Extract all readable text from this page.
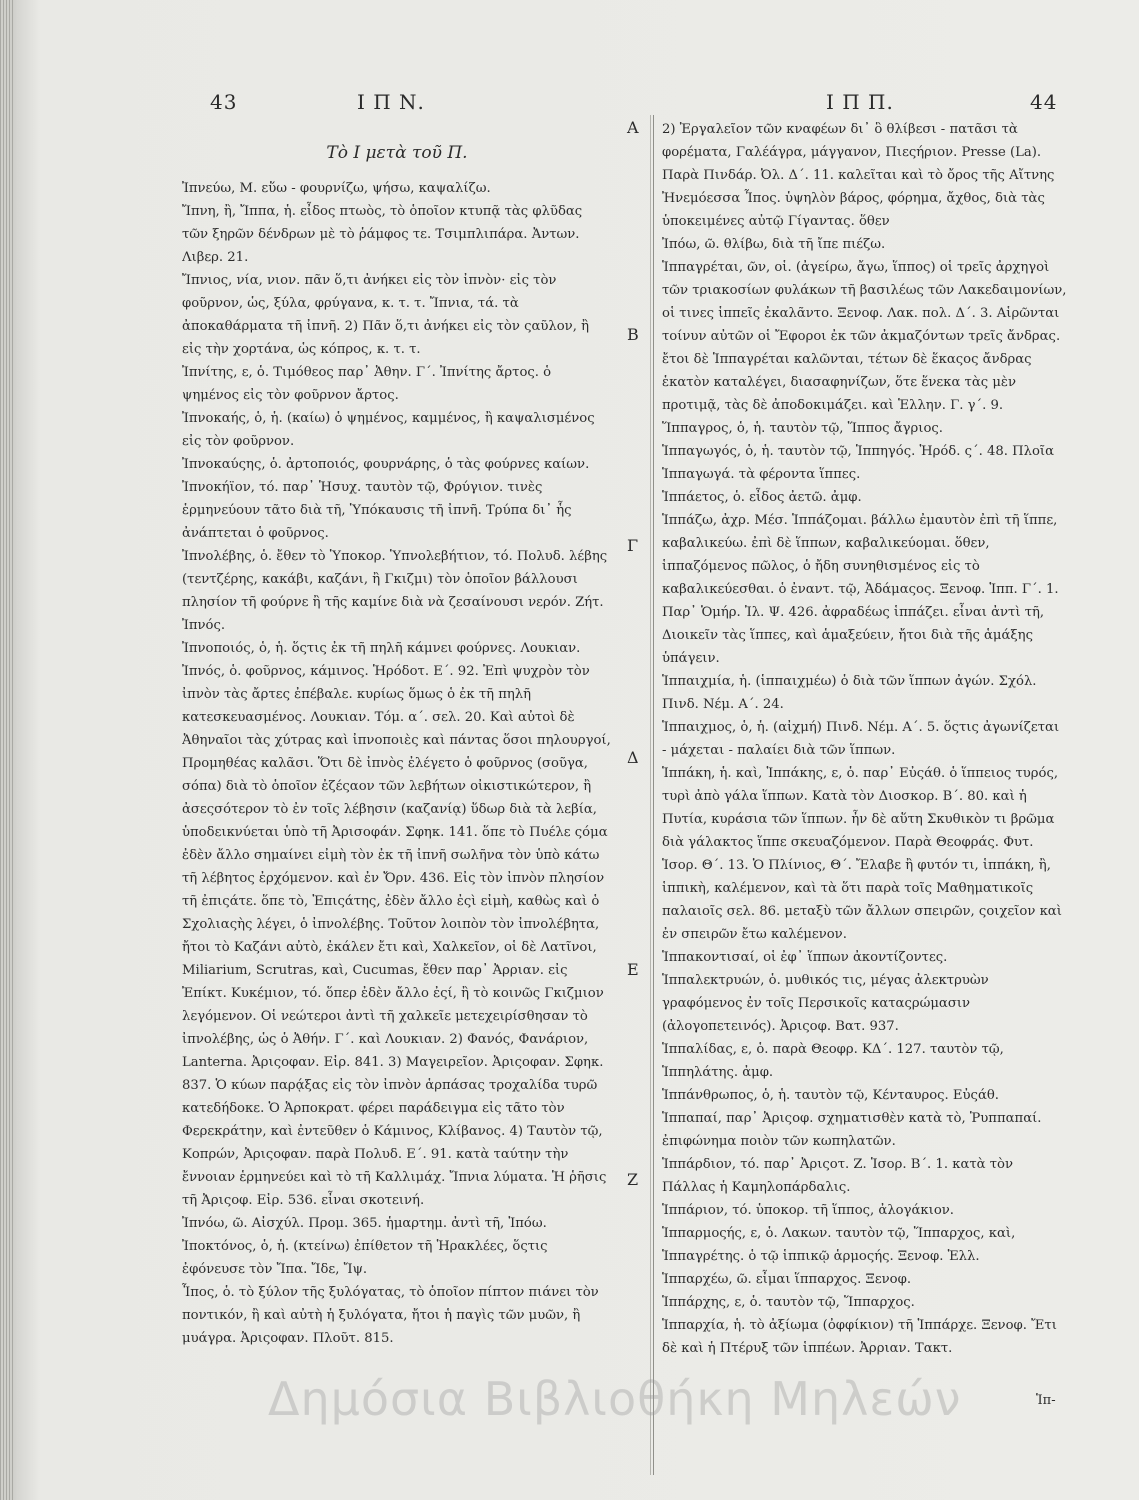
43	Ι Π Ν.	Ι Π Π.	44
Τὸ Ι μετὰ τοῦ Π.

Ἰπνεύω, Μ. εὕω - φουρνίζω, ψήσω, καψαλίζω.

Ἴπνη, ἢ, Ἴππα, ἡ. εἶδος πτωὸς, τὸ ὁποῖον κτυπᾷ τὰς φλῦδας τῶν ξηρῶν δένδρων μὲ τὸ ῥάμφος τε. Τσιμπλιπάρα. Ἀντων. Λιβερ. 21.

Ἴπνιος, νία, νιον. πᾶν ὅ,τι ἀνήκει εἰς τὸν ἰπνὸν· εἰς τὸν φοῦρνον, ὡς, ξύλα, φρύγανα, κ. τ. τ. Ἴπνια, τά. τὰ ἀποκαθάρματα τῆ ἰπνῆ. 2) Πᾶν ὅ,τι ἀνήκει εἰς τὸν ςαῦλον, ἢ εἰς τὴν χορτάνα, ὡς κόπρος, κ. τ. τ.

Ἰπνίτης, ε, ὁ. Τιμόθεος παρ᾽ Ἀθην. Γ΄. Ἰπνίτης ἄρτος. ὁ ψημένος εἰς τὸν φοῦρνον ἄρτος.

Ἰπνοκαής, ὁ, ἡ. (καίω) ὁ ψημένος, καμμένος, ἢ καψαλισμένος εἰς τὸν φοῦρνον.

Ἰπνοκαύςης, ὁ. ἀρτοποιός, φουρνάρης, ὁ τὰς φούρνες καίων.

Ἰπνοκήϊον, τό. παρ᾽ Ἡσυχ. ταυτὸν τῷ, Φρύγιον. τινὲς ἑρμηνεύουν τᾶτο διὰ τῆ, Ὑπόκαυσις τῆ ἰπνῆ. Τρύπα δι᾽ ἧς ἀνάπτεται ὁ φοῦρνος.

Ἰπνολέβης, ὁ. ἔθεν τὸ Ὑποκορ. Ὑπνολεβήτιον, τό. Πολυδ. λέβης (τεντζέρης, κακάβι, καζάνι, ἢ Γκιζμι) τὸν ὁποῖον βάλλουσι πλησίον τῆ φούρνε ἢ τῆς καμίνε διὰ νὰ ζεσαίνουσι νερόν. Ζήτ. Ἰπνός.

Ἰπνοποιός, ὁ, ἡ. ὅςτις ἐκ τῆ πηλῆ κάμνει φούρνες. Λουκιαν.

Ἰπνός, ὁ. φοῦρνος, κάμινος. Ἡρόδοτ. Ε΄. 92. Ἐπὶ ψυχρὸν τὸν ἰπνὸν τὰς ἄρτες ἐπέβαλε. κυρίως ὅμως ὁ ἐκ τῆ πηλῆ κατεσκευασμένος. Λουκιαν. Τόμ. α΄. σελ. 20. Καὶ αὐτοὶ δὲ Ἀθηναῖοι τὰς χύτρας καὶ ἰπνοποιὲς καὶ πάντας ὅσοι πηλουργοί, Προμηθέας καλᾶσι. Ὅτι δὲ ἰπνὸς ἐλέγετο ὁ φοῦρνος (σοῦγα, σόπα) διὰ τὸ ὁποῖον ἐζέςαον τῶν λεβήτων οἰκιστικώτερον, ἢ ἀσεςσότερον τὸ ἐν τοῖς λέβησιν (καζανίᾳ) ὕδωρ διὰ τὰ λεβία, ὑποδεικνύεται ὑπὸ τῆ Ἀρισοφάν. Σφηκ. 141. ὅπε τὸ Πυέλε ςόμα ἐδὲν ἄλλο σημαίνει εἰμὴ τὸν ἐκ τῆ ἰπνῆ σωλῆνα τὸν ὑπὸ κάτω τῆ λέβητος ἐρχόμενον. καὶ ἐν Ὄρν. 436. Εἰς τὸν ἰπνὸν πλησίον τῆ ἐπιςάτε. ὅπε τὸ, Ἐπιςάτης, ἐδὲν ἄλλο ἐςὶ εἰμὴ, καθὼς καὶ ὁ Σχολιαςὴς λέγει, ὁ ἰπνολέβης. Τοῦτον λοιπὸν τὸν ἰπνολέβητα, ἤτοι τὸ Καζάνι αὐτὸ, ἐκάλεν ἔτι καὶ, Χαλκεῖον, οἱ δὲ Λατῖνοι, Miliarium, Scrutras, καὶ, Cucumas, ἔθεν παρ᾽ Ἀρριαν. εἰς Ἐπίκτ. Κυκέμιον, τό. ὅπερ ἐδὲν ἄλλο ἐςί, ἢ τὸ κοινῶς Γκιζμιον λεγόμενον. Οἱ νεώτεροι ἀντὶ τῆ χαλκεῖε μετεχειρίσθησαν τὸ ἰπνολέβης, ὡς ὁ Ἀθήν. Γ΄. καὶ Λουκιαν. 2) Φανός, Φανάριον, Lanterna. Ἀριςοφαν. Εἰρ. 841. 3) Μαγειρεῖον. Ἀριςοφαν. Σφηκ. 837. Ὁ κύων παρᾴξας εἰς τὸν ἰπνὸν ἁρπάσας τροχαλίδα τυρῶ κατεδήδοκε. Ὁ Ἀρποκρατ. φέρει παράδειγμα εἰς τᾶτο τὸν Φερεκράτην, καὶ ἐντεῦθεν ὁ Κάμινος, Κλίβανος. 4) Ταυτὸν τῷ, Κοπρών, Ἀριςοφαν. παρὰ Πολυδ. Ε΄. 91. κατὰ ταύτην τὴν ἔννοιαν ἑρμηνεύει καὶ τὸ τῆ Καλλιμάχ. Ἴπνια λύματα. Ἡ ῥῆσις τῆ Ἀριςοφ. Εἰρ. 536. εἶναι σκοτεινή.

Ἰπνόω, ῶ. Αἰσχύλ. Προμ. 365. ἡμαρτημ. ἀντὶ τῆ, Ἰπόω.

Ἰποκτόνος, ὁ, ἡ. (κτείνω) ἐπίθετον τῆ Ἡρακλέες, ὅςτις ἐφόνευσε τὸν Ἴπα. Ἴδε, Ἴψ.

Ἶπος, ὁ. τὸ ξύλον τῆς ξυλόγατας, τὸ ὁποῖον πίπτον πιάνει τὸν ποντικόν, ἢ καὶ αὐτὴ ἡ ξυλόγατα, ἤτοι ἡ παγὶς τῶν μυῶν, ἢ μυάγρα. Ἀριςοφαν. Πλοῦτ. 815.

Α
Β
Γ
Δ
Ε
Ζ

2) Ἐργαλεῖον τῶν κναφέων δι᾽ ὃ θλίβεσι - πατᾶσι τὰ φορέματα, Γαλέάγρα, μάγγανον, Πιεςήριον. Presse (La). Παρὰ Πινδάρ. Ὀλ. Δ΄. 11. καλεῖται καὶ τὸ ὄρος τῆς Αἴτνης Ἠνεμόεσσα Ἶπος. ὑψηλὸν βάρος, φόρημα, ἄχθος, διὰ τὰς ὑποκειμένες αὐτῷ Γίγαντας. ὅθεν

Ἰπόω, ῶ. θλίβω, διὰ τῆ ἴπε πιέζω.

Ἱππαγρέται, ῶν, οἱ. (ἀγείρω, ἄγω, ἵππος) οἱ τρεῖς ἀρχηγοὶ τῶν τριακοσίων φυλάκων τῆ βασιλέως τῶν Λακεδαιμονίων, οἱ τινες ἱππεῖς ἐκαλᾶντο. Ξενοφ. Λακ. πολ. Δ΄. 3. Αἱρῶνται τοίνυν αὐτῶν οἱ Ἔφοροι ἐκ τῶν ἀκμαζόντων τρεῖς ἄνδρας. ἔτοι δὲ Ἱππαγρέται καλῶνται, τέτων δὲ ἕκαςος ἄνδρας ἑκατὸν καταλέγει, διασαφηνίζων, ὅτε ἕνεκα τὰς μὲν προτιμᾷ, τὰς δὲ ἀποδοκιμάζει. καὶ Ἑλλην. Γ. γ΄. 9.

Ἵππαγρος, ὁ, ἡ. ταυτὸν τῷ, Ἵππος ἄγριος.

Ἱππαγωγός, ὁ, ἡ. ταυτὸν τῷ, Ἱππηγός. Ἡρόδ. ς΄. 48. Πλοῖα Ἱππαγωγά. τὰ φέροντα ἵππες.

Ἱππάετος, ὁ. εἶδος ἀετῶ. ἀμφ.

Ἱππάζω, ἀχρ. Μέσ. Ἱππάζομαι. βάλλω ἐμαυτὸν ἐπὶ τῆ ἵππε, καβαλικεύω. ἐπὶ δὲ ἵππων, καβαλικεύομαι. ὅθεν, ἱππαζόμενος πῶλος, ὁ ἤδη συνηθισμένος εἰς τὸ καβαλικεύεσθαι. ὁ ἐναντ. τῷ, Ἀδάμαςος. Ξενοφ. Ἱππ. Γ΄. 1. Παρ᾽ Ὁμήρ. Ἰλ. Ψ. 426. ἀφραδέως ἱππάζει. εἶναι ἀντὶ τῆ, Διοικεῖν τὰς ἵππες, καὶ ἁμαξεύειν, ἤτοι διὰ τῆς ἁμάξης ὑπάγειν.

Ἱππαιχμία, ἡ. (ἱππαιχμέω) ὁ διὰ τῶν ἵππων ἀγών. Σχόλ. Πινδ. Νέμ. Α΄. 24.

Ἱππαιχμος, ὁ, ἡ. (αἰχμή) Πινδ. Νέμ. Α΄. 5. ὅςτις ἀγωνίζεται - μάχεται - παλαίει διὰ τῶν ἵππων.

Ἱππάκη, ἡ. καὶ, Ἱππάκης, ε, ὁ. παρ᾽ Εὐςάθ. ὁ ἵππειος τυρός, τυρὶ ἀπὸ γάλα ἵππων. Κατὰ τὸν Διοσκορ. Β΄. 80. καὶ ἡ Πυτία, κυράσια τῶν ἵππων. ἦν δὲ αὕτη Σκυθικὸν τι βρῶμα διὰ γάλακτος ἵππε σκευαζόμενον. Παρὰ Θεοφράς. Φυτ. Ἱσορ. Θ΄. 13. Ὁ Πλίνιος, Θ΄. Ἔλαβε ἢ φυτόν τι, ἱππάκη, ἢ, ἱππικὴ, καλέμενον, καὶ τὰ ὅτι παρὰ τοῖς Μαθηματικοῖς παλαιοῖς σελ. 86. μεταξὺ τῶν ἄλλων σπειρῶν, ςοιχεῖον καὶ ἐν σπειρῶν ἔτω καλέμενον.

Ἱππακοντισαί, οἱ ἐφ᾽ ἵππων ἀκοντίζοντες.

Ἱππαλεκτρυών, ὁ. μυθικός τις, μέγας ἀλεκτρυὼν γραφόμενος ἐν τοῖς Περσικοῖς καταςρώμασιν (ἀλογοπετεινός). Ἀριςοφ. Βατ. 937.

Ἱππαλίδας, ε, ὁ. παρὰ Θεοφρ. ΚΔ΄. 127. ταυτὸν τῷ, Ἱππηλάτης. ἀμφ.

Ἱππάνθρωπος, ὁ, ἡ. ταυτὸν τῷ, Κένταυρος. Εὐςάθ.

Ἱππαπαί, παρ᾽ Ἀριςοφ. σχηματισθὲν κατὰ τὸ, Ῥυππαπαί. ἐπιφώνημα ποιὸν τῶν κωπηλατῶν.

Ἱππάρδιον, τό. παρ᾽ Ἀριςοτ. Ζ. Ἱσορ. Β΄. 1. κατὰ τὸν Πάλλας ἡ Καμηλοπάρδαλις.

Ἱππάριον, τό. ὑποκορ. τῆ ἵππος, ἀλογάκιον.

Ἱππαρμοςής, ε, ὁ. Λακων. ταυτὸν τῷ, Ἵππαρχος, καὶ, Ἱππαγρέτης. ὁ τῷ ἱππικῷ ἁρμοςής. Ξενοφ. Ἑλλ.

Ἱππαρχέω, ῶ. εἶμαι ἵππαρχος. Ξενοφ.

Ἱππάρχης, ε, ὁ. ταυτὸν τῷ, Ἵππαρχος.

Ἱππαρχία, ἡ. τὸ ἀξίωμα (ὀφφίκιον) τῆ Ἱππάρχε. Ξενοφ. Ἔτι δὲ καὶ ἡ Πτέρυξ τῶν ἱππέων. Ἀρριαν. Τακτ.

Δημόσια Βιβλιοθήκη Μηλεών	Ἱπ-
